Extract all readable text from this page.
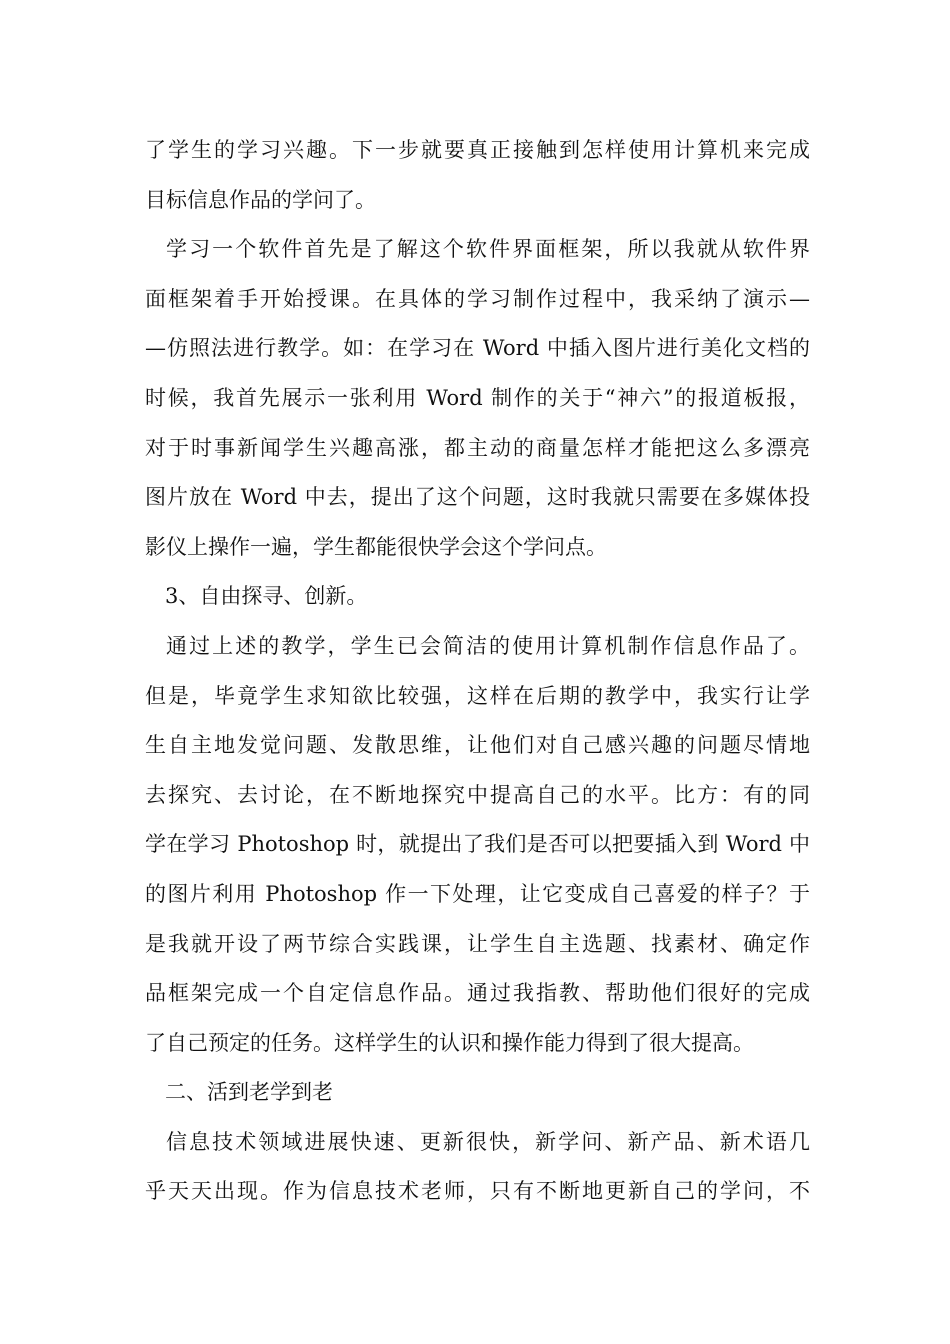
了学生的学习兴趣。下一步就要真正接触到怎样使用计算机来完成
目标信息作品的学问了。
学习一个软件首先是了解这个软件界面框架，所以我就从软件界
面框架着手开始授课。在具体的学习制作过程中，我采纳了演示—
—仿照法进行教学。如：在学习在 Word 中插入图片进行美化文档的
时候，我首先展示一张利用 Word 制作的关于“神六”的报道板报，
对于时事新闻学生兴趣高涨，都主动的商量怎样才能把这么多漂亮
图片放在 Word 中去，提出了这个问题，这时我就只需要在多媒体投
影仪上操作一遍，学生都能很快学会这个学问点。
3、自由探寻、创新。
通过上述的教学，学生已会简洁的使用计算机制作信息作品了。
但是，毕竟学生求知欲比较强，这样在后期的教学中，我实行让学
生自主地发觉问题、发散思维，让他们对自己感兴趣的问题尽情地
去探究、去讨论，在不断地探究中提高自己的水平。比方：有的同
学在学习 Photoshop 时，就提出了我们是否可以把要插入到 Word 中
的图片利用 Photoshop 作一下处理，让它变成自己喜爱的样子？于
是我就开设了两节综合实践课，让学生自主选题、找素材、确定作
品框架完成一个自定信息作品。通过我指教、帮助他们很好的完成
了自己预定的任务。这样学生的认识和操作能力得到了很大提高。
二、活到老学到老
信息技术领域进展快速、更新很快，新学问、新产品、新术语几
乎天天出现。作为信息技术老师，只有不断地更新自己的学问，不
